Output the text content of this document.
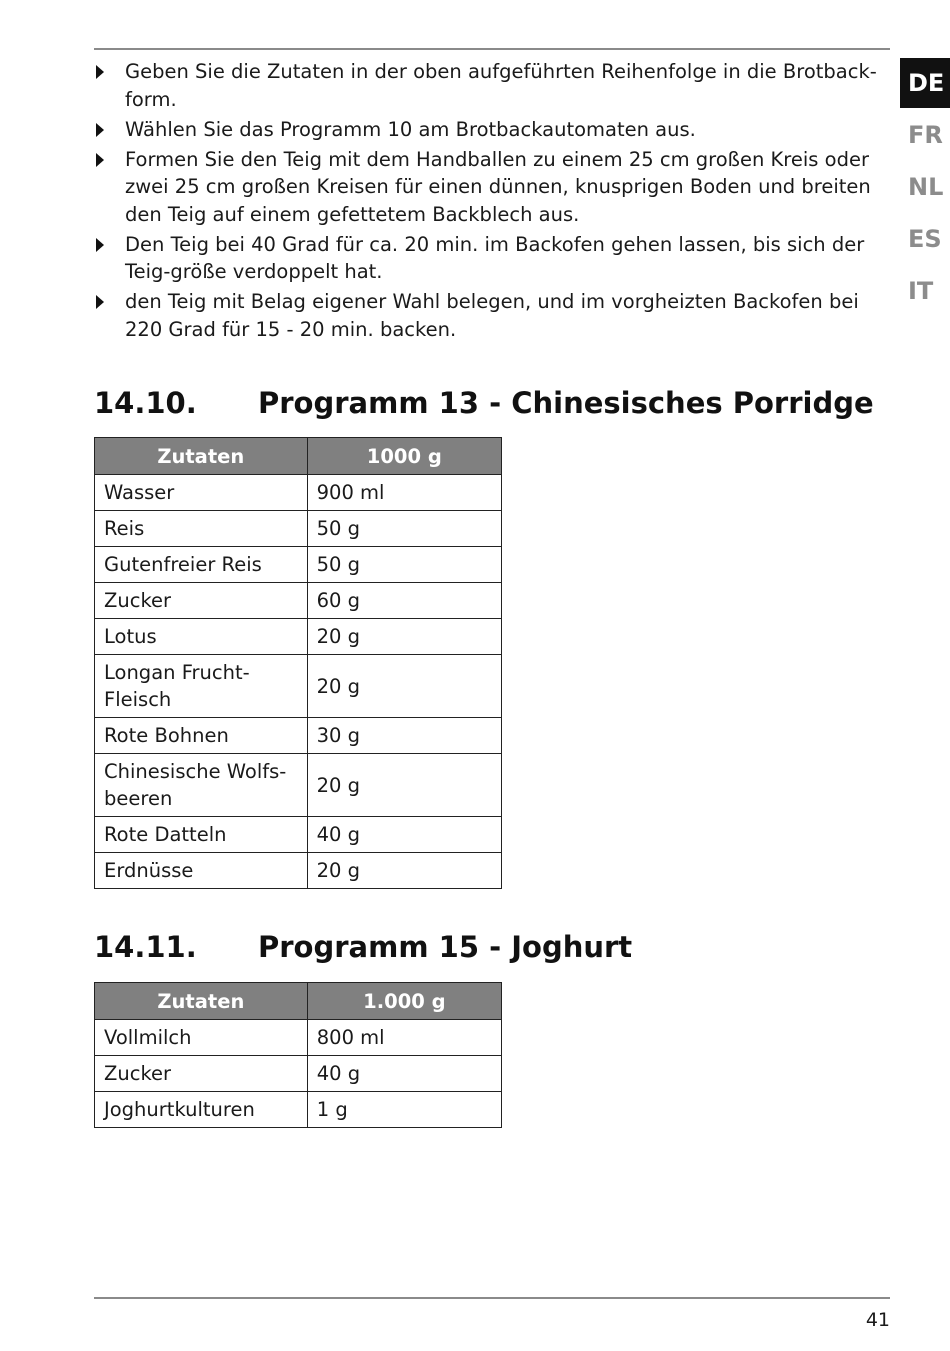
DE
FR
NL
ES
IT
Geben Sie die Zutaten in der oben aufgeführten Reihenfolge in die Brotback-form.
Wählen Sie das Programm 10 am Brotbackautomaten aus.
Formen Sie den Teig mit dem Handballen zu einem 25 cm großen Kreis oder zwei 25 cm großen Kreisen für einen dünnen, knusprigen Boden und breiten den Teig auf einem gefettetem Backblech aus.
Den Teig bei 40 Grad für ca. 20 min. im Backofen gehen lassen, bis sich der Teig-größe verdoppelt hat.
den Teig mit Belag eigener Wahl belegen, und im vorgheizten Backofen bei 220 Grad für 15 - 20 min. backen.
14.10. Programm 13 - Chinesisches Porridge
Zutaten	1000 g
Wasser	900 ml
Reis	50 g
Gutenfreier Reis	50 g
Zucker	60 g
Lotus	20 g
Longan Frucht-
Fleisch	20 g
Rote Bohnen	30 g
Chinesische Wolfs-
beeren	20 g
Rote Datteln	40 g
Erdnüsse	20 g
14.11. Programm 15 - Joghurt
Zutaten	1.000 g
Vollmilch	800 ml
Zucker	40 g
Joghurtkulturen	1 g
41
